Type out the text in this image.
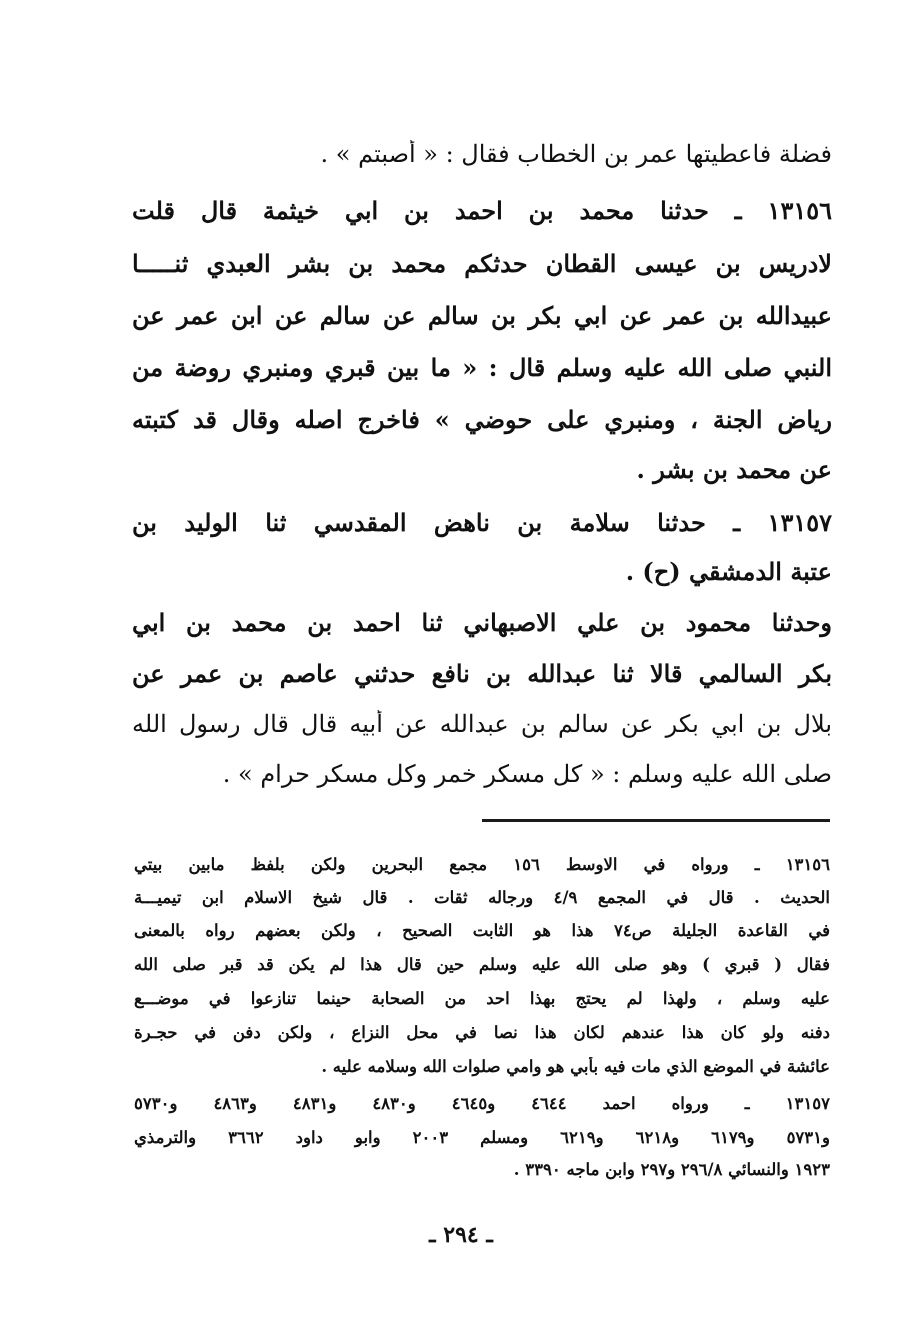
فضلة فاعطيتها عمر بن الخطاب فقال : « أصبتم » .
١٣١٥٦ ـ حدثنا محمد بن احمد بن ابي خيثمة قال قلت
لادريس بن عيسى القطان حدثكم محمد بن بشر العبدي ثنـــــا
عبيدالله بن عمر عن ابي بكر بن سالم عن سالم عن ابن عمر عن
النبي صلى الله عليه وسلم قال : « ما بين قبري ومنبري روضة من
رياض الجنة ، ومنبري على حوضي » فاخرج اصله وقال قد كتبته
عن محمد بن بشر .
١٣١٥٧ ـ حدثنا سلامة بن ناهض المقدسي ثنا الوليد بن
عتبة الدمشقي (ح) .
وحدثنا محمود بن علي الاصبهاني ثنا احمد بن محمد بن ابي
بكر السالمي قالا ثنا عبدالله بن نافع حدثني عاصم بن عمر عن
بلال بن ابي بكر عن سالم بن عبدالله عن أبيه قال قال رسول الله
صلى الله عليه وسلم : « كل مسكر خمر وكل مسكر حرام » .
١٣١٥٦ ـ ورواه في الاوسط ١٥٦ مجمع البحرين ولكن بلفظ مابين بيتي
الحديث . قال في المجمع ٤/٩ ورجاله ثقات . قال شيخ الاسلام ابن تيميـــة
في القاعدة الجليلة ص٧٤ هذا هو الثابت الصحيح ، ولكن بعضهم رواه بالمعنى
فقال ( قبري ) وهو صلى الله عليه وسلم حين قال هذا لم يكن قد قبر صلى الله
عليه وسلم ، ولهذا لم يحتج بهذا احد من الصحابة حينما تنازعوا في موضـــع
دفنه ولو كان هذا عندهم لكان هذا نصا في محل النزاع ، ولكن دفن في حجـرة
عائشة في الموضع الذي مات فيه بأبي هو وامي صلوات الله وسلامه عليه .
١٣١٥٧ ـ ورواه احمد ٤٦٤٤ و٤٦٤٥ و٤٨٣٠ و٤٨٣١ و٤٨٦٣ و٥٧٣٠
و٥٧٣١ و٦١٧٩ و٦٢١٨ و٦٢١٩ ومسلم ٢٠٠٣ وابو داود ٣٦٦٢ والترمذي
١٩٢٣ والنسائي ٢٩٦/٨ و٢٩٧ وابن ماجه ٣٣٩٠ .
ـ ٢٩٤ ـ
